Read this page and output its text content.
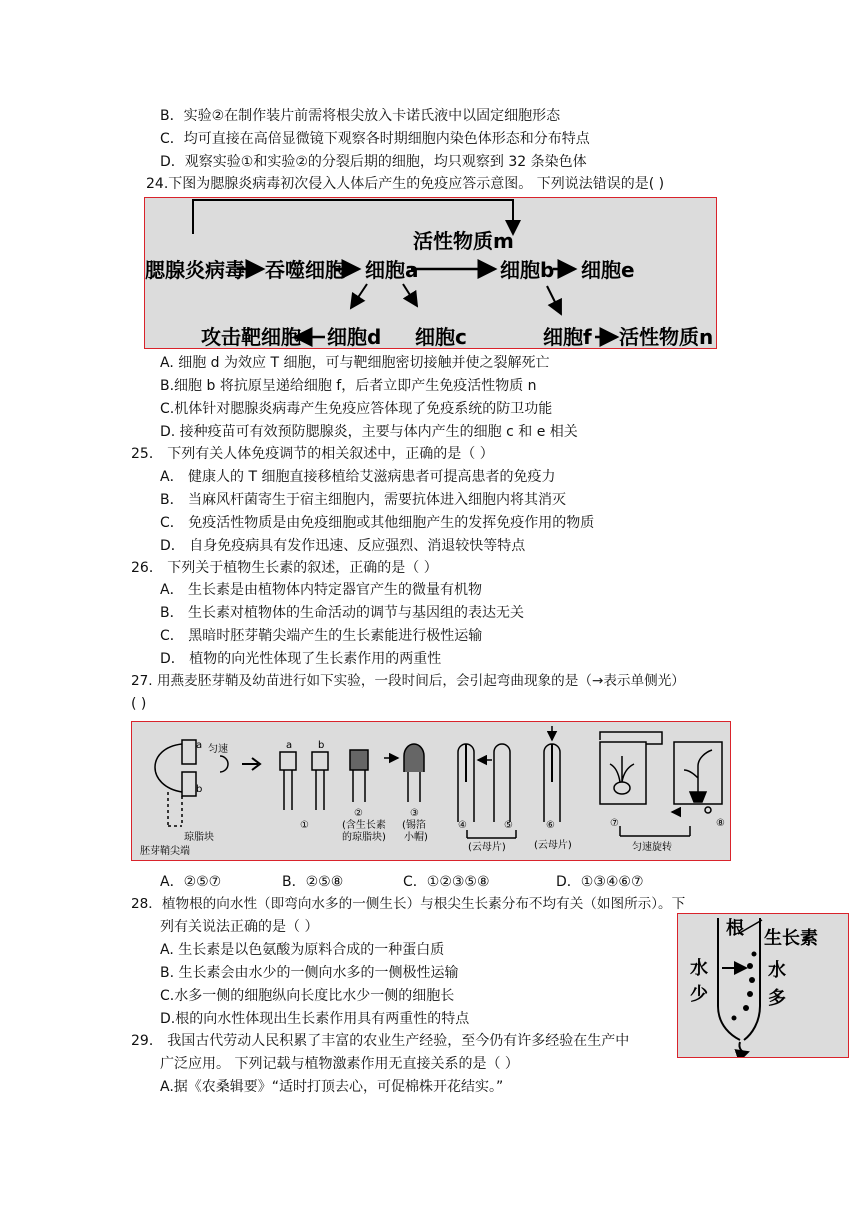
B．实验②在制作装片前需将根尖放入卡诺氏液中以固定细胞形态
C．均可直接在高倍显微镜下观察各时期细胞内染色体形态和分布特点
D．观察实验①和实验②的分裂后期的细胞，均只观察到 32 条染色体
24.下图为腮腺炎病毒初次侵入人体后产生的免疫应答示意图。 下列说法错误的是( )
腮腺炎病毒 吞噬细胞 细胞a
活性物质m
细胞b 细胞e
攻击靶细胞 细胞d 细胞c	细胞f 活性物质n
A. 细胞 d 为效应 T 细胞，可与靶细胞密切接触并使之裂解死亡
B.细胞 b 将抗原呈递给细胞 f，后者立即产生免疫活性物质 n
C.机体针对腮腺炎病毒产生免疫应答体现了免疫系统的防卫功能
D. 接种疫苗可有效预防腮腺炎，主要与体内产生的细胞 c 和 e 相关
25． 下列有关人体免疫调节的相关叙述中，正确的是（ ）
A． 健康人的 T 细胞直接移植给艾滋病患者可提高患者的免疫力
B． 当麻风杆菌寄生于宿主细胞内，需要抗体进入细胞内将其消灭
C． 免疫活性物质是由免疫细胞或其他细胞产生的发挥免疫作用的物质
D． 自身免疫病具有发作迅速、反应强烈、消退较快等特点
26． 下列关于植物生长素的叙述，正确的是（ ）
A． 生长素是由植物体内特定器官产生的微量有机物
B． 生长素对植物体的生命活动的调节与基因组的表达无关
C． 黑暗时胚芽鞘尖端产生的生长素能进行极性运输
D． 植物的向光性体现了生长素作用的两重性
27. 用燕麦胚芽鞘及幼苗进行如下实验，一段时间后，会引起弯曲现象的是（→表示单侧光）
( )
a
b
匀速
琼脂块
胚芽鞘尖端
a	b
①
②
(含生长素
的琼脂块)
③
(锡箔
小帽)
④	⑤	⑥
(云母片)	(云母片)
⑦	⑧
匀速旋转
A．②⑤⑦	B．②⑤⑧	C．①②③⑤⑧	D．①③④⑥⑦
28．植物根的向水性（即弯向水多的一侧生长）与根尖生长素分布不均有关（如图所示）。下
列有关说法正确的是（ ）
A. 生长素是以色氨酸为原料合成的一种蛋白质
B. 生长素会由水少的一侧向水多的一侧极性运输
C.水多一侧的细胞纵向长度比水少一侧的细胞长
D.根的向水性体现出生长素作用具有两重性的特点
根 生长素
水
少
水
多
29． 我国古代劳动人民积累了丰富的农业生产经验，至今仍有许多经验在生产中
广泛应用。 下列记载与植物激素作用无直接关系的是（ ）
A.据《农桑辑要》“适时打顶去心，可促棉株开花结实。”
